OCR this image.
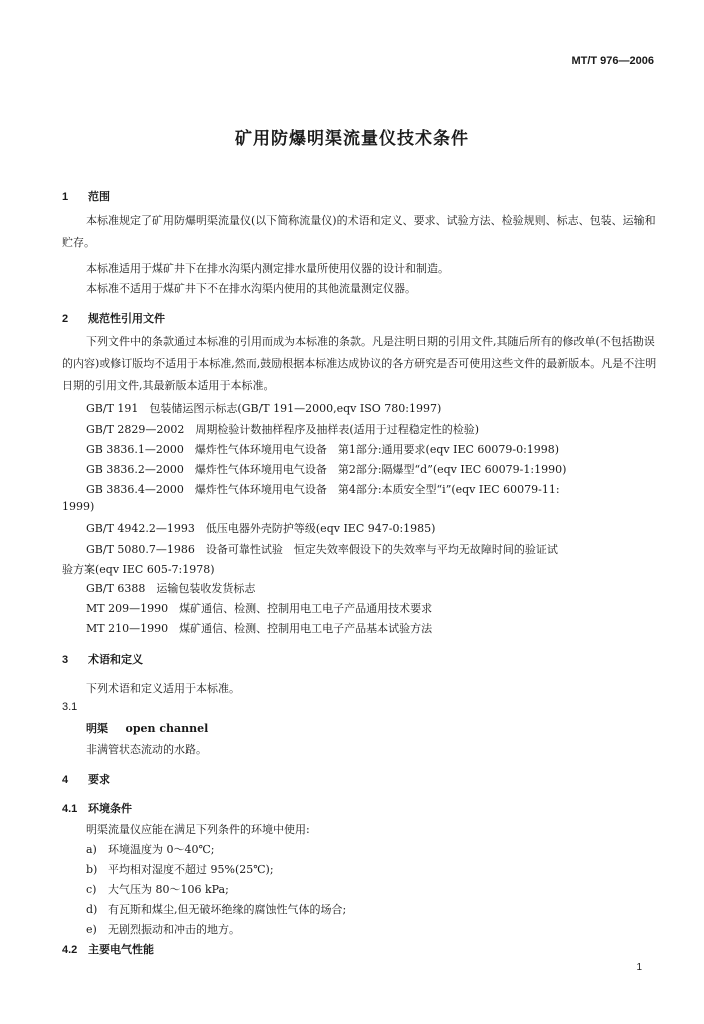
MT/T 976—2006
矿用防爆明渠流量仪技术条件
1 范围
本标准规定了矿用防爆明渠流量仪(以下简称流量仪)的术语和定义、要求、试验方法、检验规则、标志、包装、运输和贮存。
本标准适用于煤矿井下在排水沟渠内测定排水量所使用仪器的设计和制造。
本标准不适用于煤矿井下不在排水沟渠内使用的其他流量测定仪器。
2 规范性引用文件
下列文件中的条款通过本标准的引用而成为本标准的条款。凡是注明日期的引用文件,其随后所有的修改单(不包括勘误的内容)或修订版均不适用于本标准,然而,鼓励根据本标准达成协议的各方研究是否可使用这些文件的最新版本。凡是不注明日期的引用文件,其最新版本适用于本标准。
GB/T 191　包装储运图示标志(GB/T 191—2000,eqv ISO 780:1997)
GB/T 2829—2002　周期检验计数抽样程序及抽样表(适用于过程稳定性的检验)
GB 3836.1—2000　爆炸性气体环境用电气设备　第1部分:通用要求(eqv IEC 60079-0:1998)
GB 3836.2—2000　爆炸性气体环境用电气设备　第2部分:隔爆型“d”(eqv IEC 60079-1:1990)
GB 3836.4—2000　爆炸性气体环境用电气设备　第4部分:本质安全型“i”(eqv IEC 60079-11:
1999)
GB/T 4942.2—1993　低压电器外壳防护等级(eqv IEC 947-0:1985)
GB/T 5080.7—1986　设备可靠性试验　恒定失效率假设下的失效率与平均无故障时间的验证试
验方案(eqv IEC 605-7:1978)
GB/T 6388　运输包装收发货标志
MT 209—1990　煤矿通信、检测、控制用电工电子产品通用技术要求
MT 210—1990　煤矿通信、检测、控制用电工电子产品基本试验方法
3 术语和定义
下列术语和定义适用于本标准。
3.1
明渠 open channel
非满管状态流动的水路。
4 要求
4.1 环境条件
明渠流量仪应能在满足下列条件的环境中使用:
a) 环境温度为 0～40℃;
b) 平均相对湿度不超过 95%(25℃);
c) 大气压为 80～106 kPa;
d) 有瓦斯和煤尘,但无破坏绝缘的腐蚀性气体的场合;
e) 无剧烈振动和冲击的地方。
4.2 主要电气性能
1
